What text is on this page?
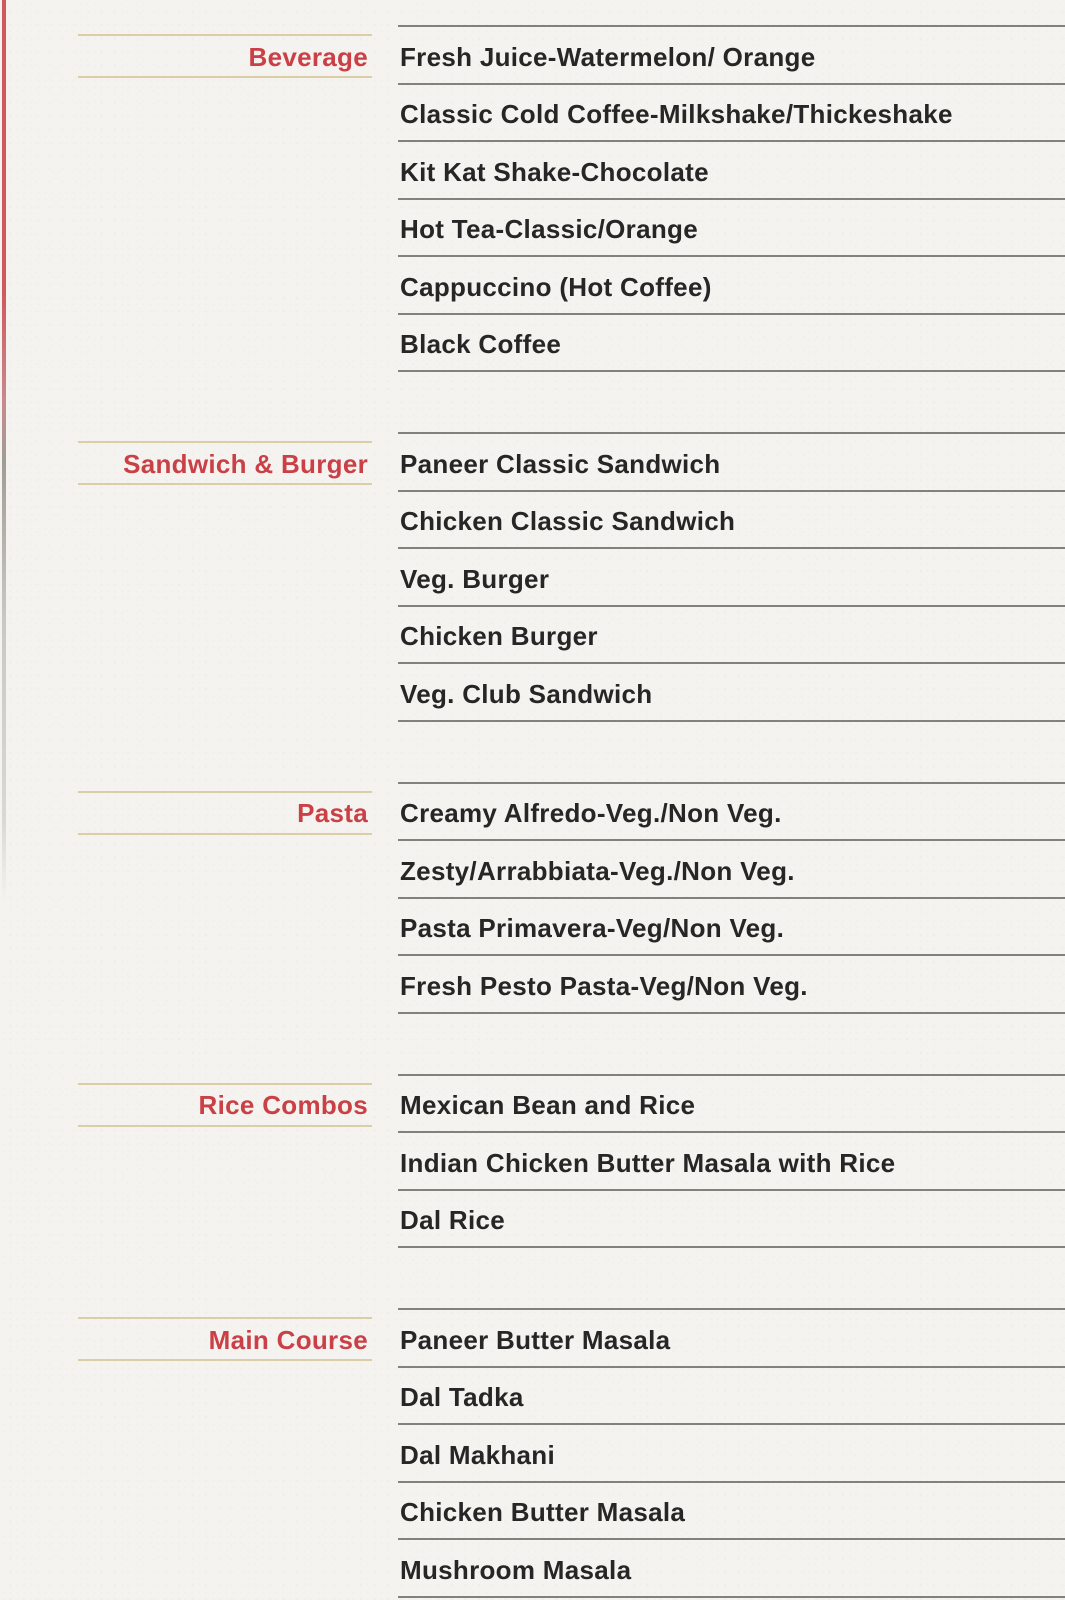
Beverage Fresh Juice-Watermelon/ Orange
Classic Cold Coffee-Milkshake/Thickeshake
Kit Kat Shake-Chocolate
Hot Tea-Classic/Orange
Cappuccino (Hot Coffee)
Black Coffee
Sandwich & Burger Paneer Classic Sandwich
Chicken Classic Sandwich
Veg. Burger
Chicken Burger
Veg. Club Sandwich
Pasta Creamy Alfredo-Veg./Non Veg.
Zesty/Arrabbiata-Veg./Non Veg.
Pasta Primavera-Veg/Non Veg.
Fresh Pesto Pasta-Veg/Non Veg.
Rice Combos Mexican Bean and Rice
Indian Chicken Butter Masala with Rice
Dal Rice
Main Course Paneer Butter Masala
Dal Tadka
Dal Makhani
Chicken Butter Masala
Mushroom Masala
